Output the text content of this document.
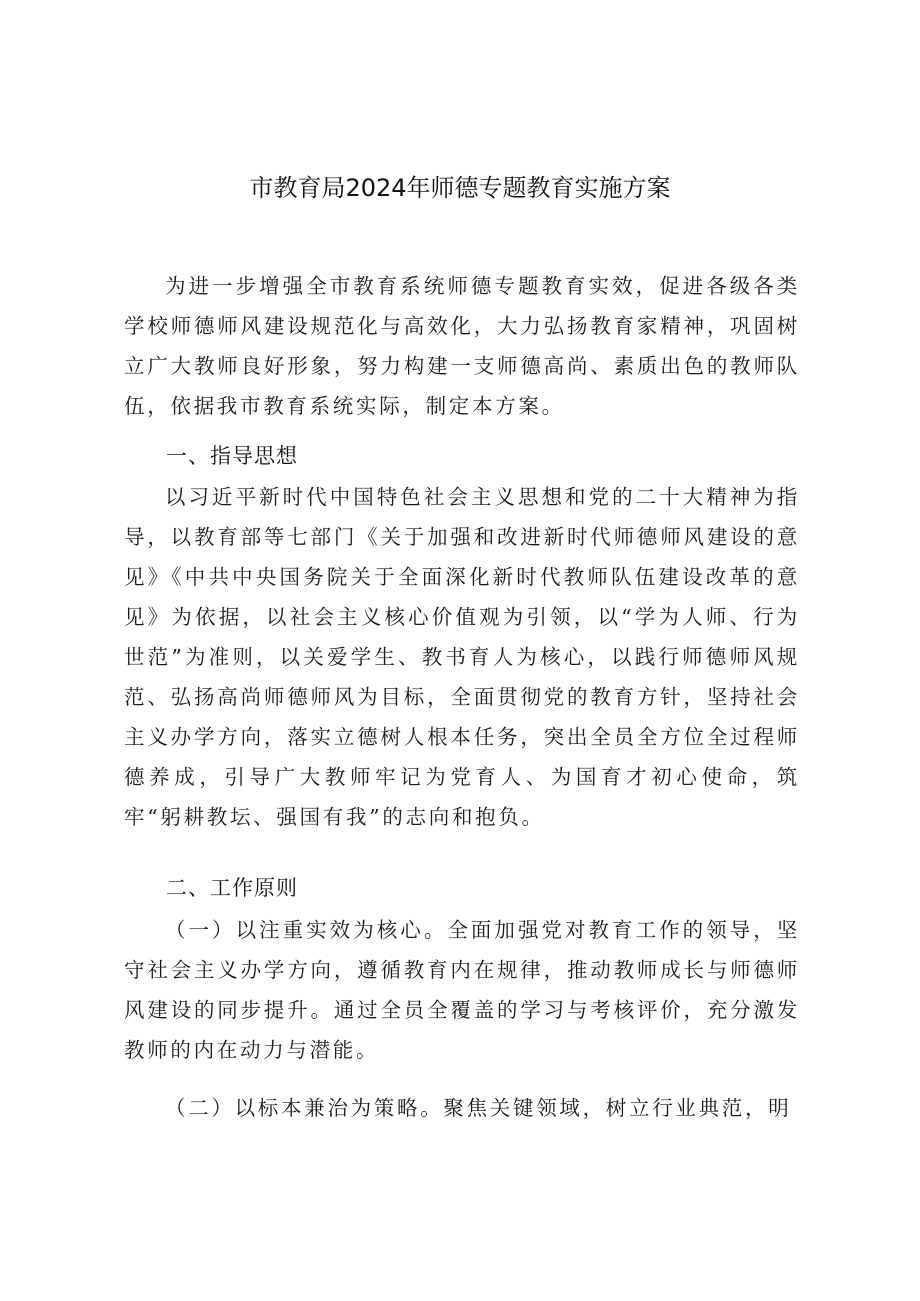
市教育局2024年师德专题教育实施方案

为进一步增强全市教育系统师德专题教育实效，促进各级各类学校师德师风建设规范化与高效化，大力弘扬教育家精神，巩固树立广大教师良好形象，努力构建一支师德高尚、素质出色的教师队伍，依据我市教育系统实际，制定本方案。

一、指导思想

以习近平新时代中国特色社会主义思想和党的二十大精神为指导，以教育部等七部门《关于加强和改进新时代师德师风建设的意见》《中共中央国务院关于全面深化新时代教师队伍建设改革的意见》为依据，以社会主义核心价值观为引领，以“学为人师、行为世范”为准则，以关爱学生、教书育人为核心，以践行师德师风规范、弘扬高尚师德师风为目标，全面贯彻党的教育方针，坚持社会主义办学方向，落实立德树人根本任务，突出全员全方位全过程师德养成，引导广大教师牢记为党育人、为国育才初心使命，筑牢“躬耕教坛、强国有我”的志向和抱负。

二、工作原则

（一）以注重实效为核心。全面加强党对教育工作的领导，坚守社会主义办学方向，遵循教育内在规律，推动教师成长与师德师风建设的同步提升。通过全员全覆盖的学习与考核评价，充分激发教师的内在动力与潜能。

（二）以标本兼治为策略。聚焦关键领域，树立行业典范，明
